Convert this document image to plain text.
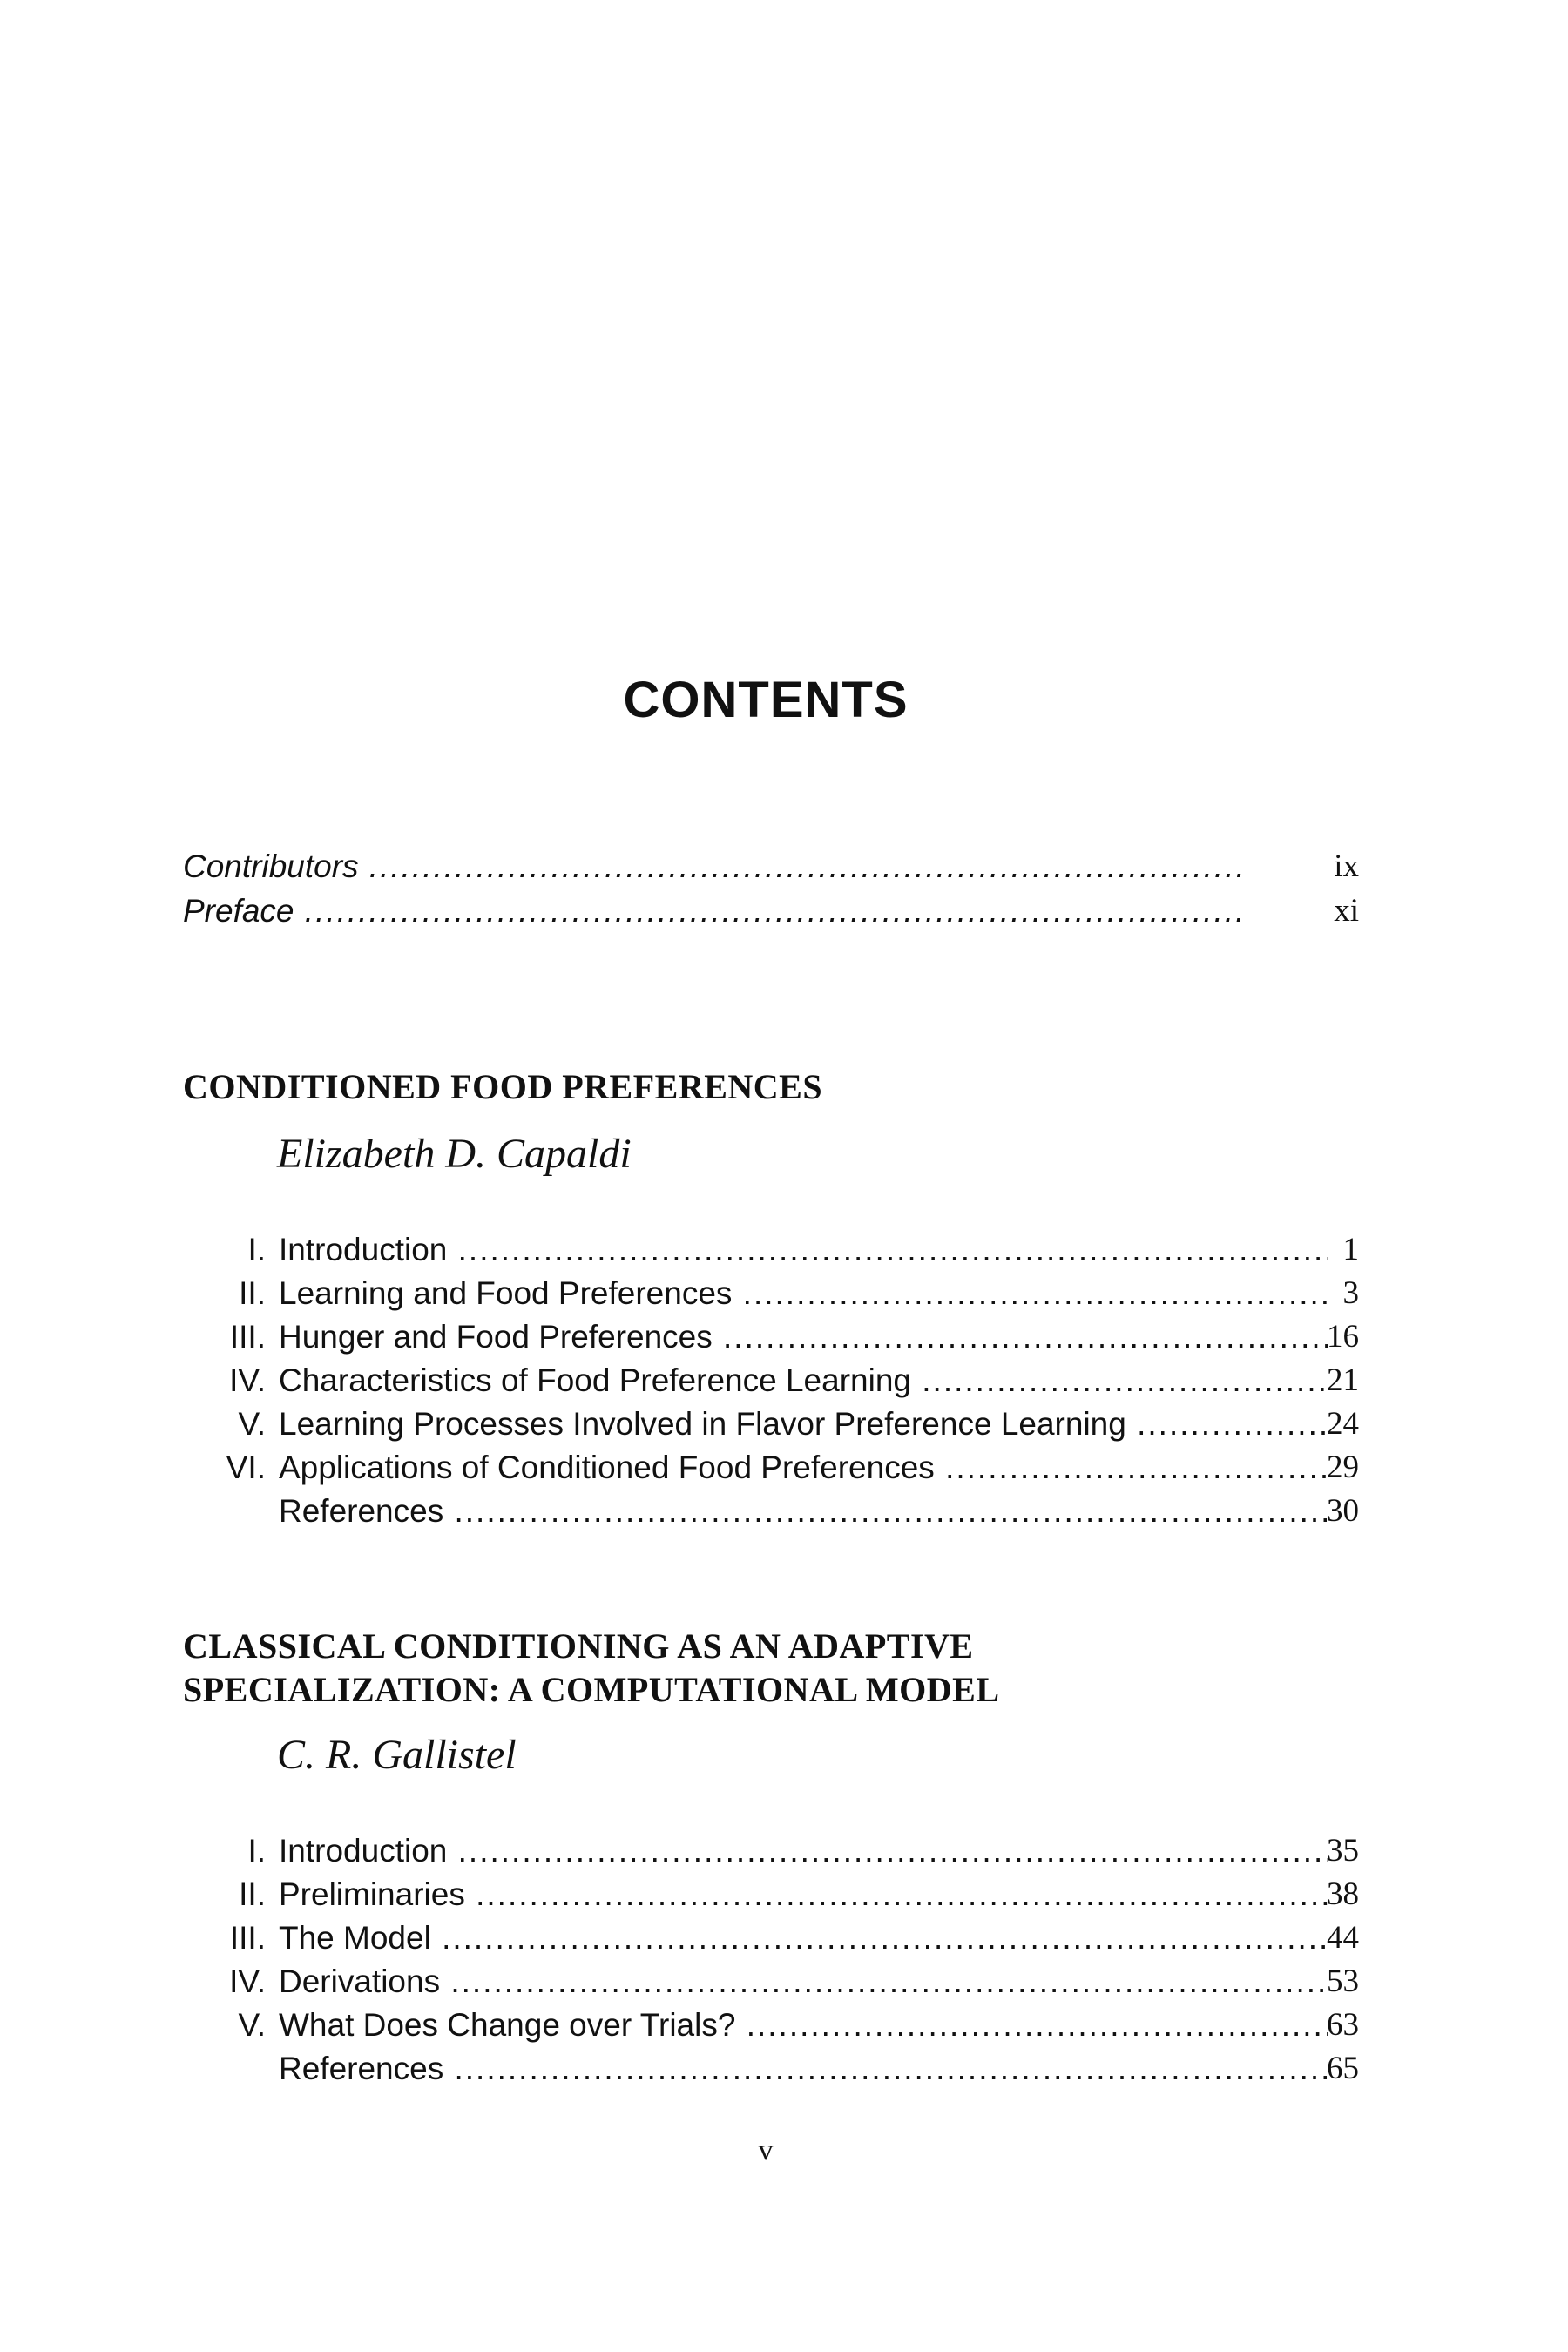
CONTENTS
Contributors .....	ix
Preface .....	xi
CONDITIONED FOOD PREFERENCES
Elizabeth D. Capaldi
I. Introduction .....	1
II. Learning and Food Preferences .....	3
III. Hunger and Food Preferences .....	16
IV. Characteristics of Food Preference Learning .....	21
V. Learning Processes Involved in Flavor Preference Learning .....	24
VI. Applications of Conditioned Food Preferences .....	29
References .....	30
CLASSICAL CONDITIONING AS AN ADAPTIVE
SPECIALIZATION: A COMPUTATIONAL MODEL
C. R. Gallistel
I. Introduction .....	35
II. Preliminaries .....	38
III. The Model .....	44
IV. Derivations .....	53
V. What Does Change over Trials? .....	63
References .....	65
v
